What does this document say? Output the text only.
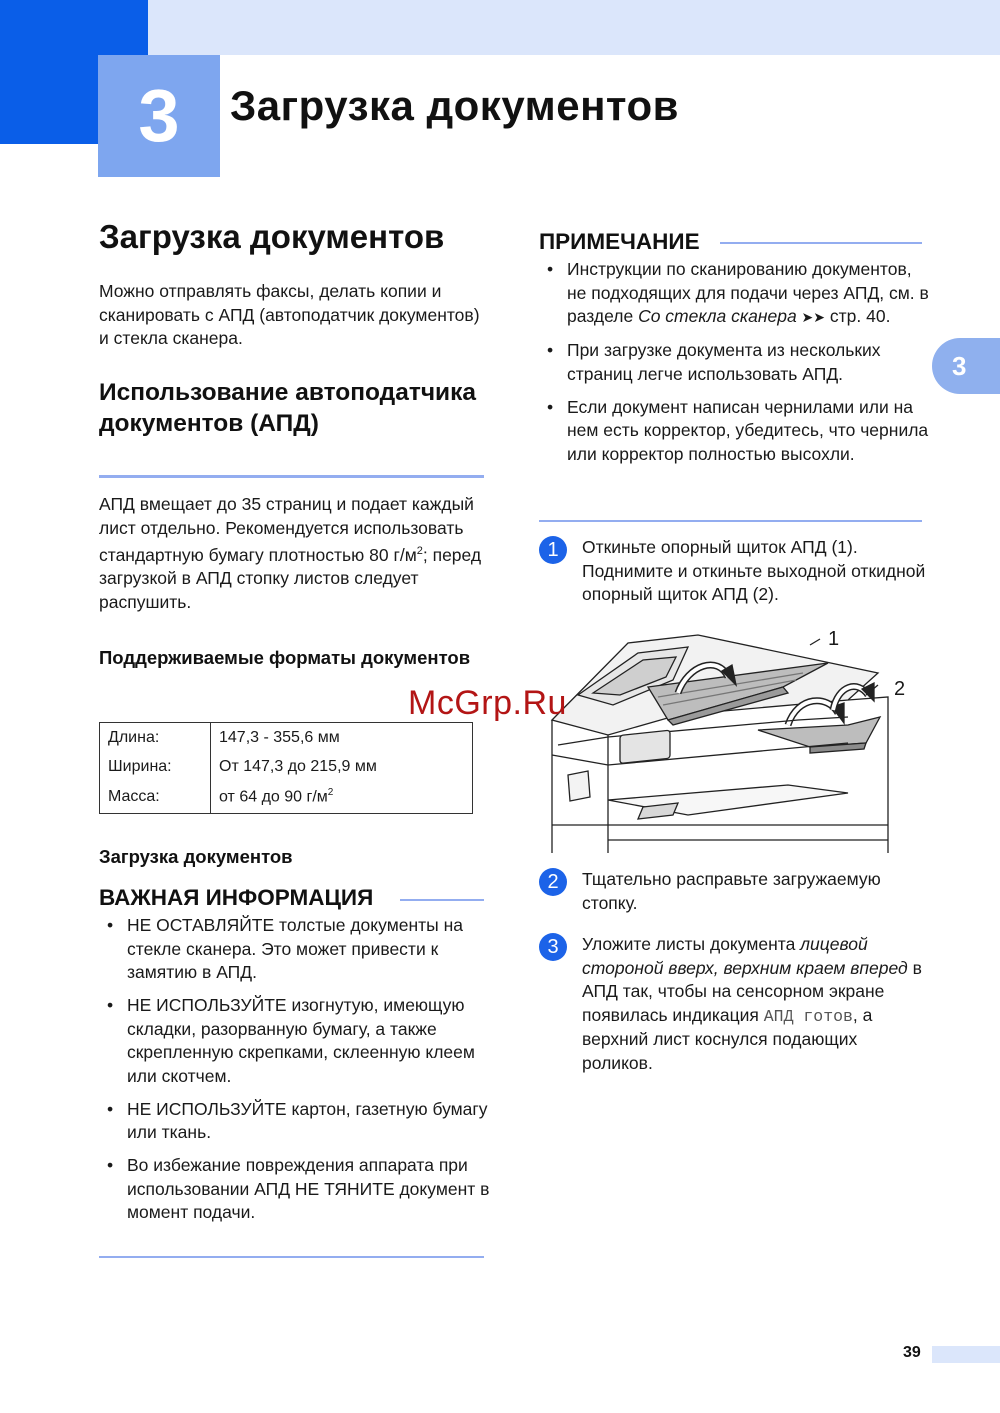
3 Загрузка документов
3
Загрузка документов
Можно отправлять факсы, делать копии и сканировать с АПД (автоподатчик документов) и стекла сканера.
Использование автоподатчика документов (АПД)
АПД вмещает до 35 страниц и подает каждый лист отдельно. Рекомендуется использовать стандартную бумагу плотностью 80 $г/м^2$; перед загрузкой в АПД стопку листов следует распушить.
Поддерживаемые форматы документов
Длина:	147,3 - 355,6 мм
Ширина:	От 147,3 до 215,9 мм
Масса:	от 64 до 90 $г/м^2$
Загрузка документов
ВАЖНАЯ ИНФОРМАЦИЯ
• НЕ ОСТАВЛЯЙТЕ толстые документы на стекле сканера. Это может привести к замятию в АПД.
• НЕ ИСПОЛЬЗУЙТЕ изогнутую, имеющую складки, разорванную бумагу, а также скрепленную скрепками, склеенную клеем или скотчем.
• НЕ ИСПОЛЬЗУЙТЕ картон, газетную бумагу или ткань.
• Во избежание повреждения аппарата при использовании АПД НЕ ТЯНИТЕ документ в момент подачи.
ПРИМЕЧАНИЕ
• Инструкции по сканированию документов, не подходящих для подачи через АПД, см. в разделе Со стекла сканера ➤➤ стр. 40.
• При загрузке документа из нескольких страниц легче использовать АПД.
• Если документ написан чернилами или на нем есть корректор, убедитесь, что чернила или корректор полностью высохли.
1 Откиньте опорный щиток АПД (1). Поднимите и откиньте выходной откидной опорный щиток АПД (2).
1
2
2 Тщательно расправьте загружаемую стопку.
3 Уложите листы документа лицевой стороной вверх, верхним краем вперед в АПД так, чтобы на сенсорном экране появилась индикация АПД готов, а верхний лист коснулся подающих роликов.
McGrp.Ru
39
